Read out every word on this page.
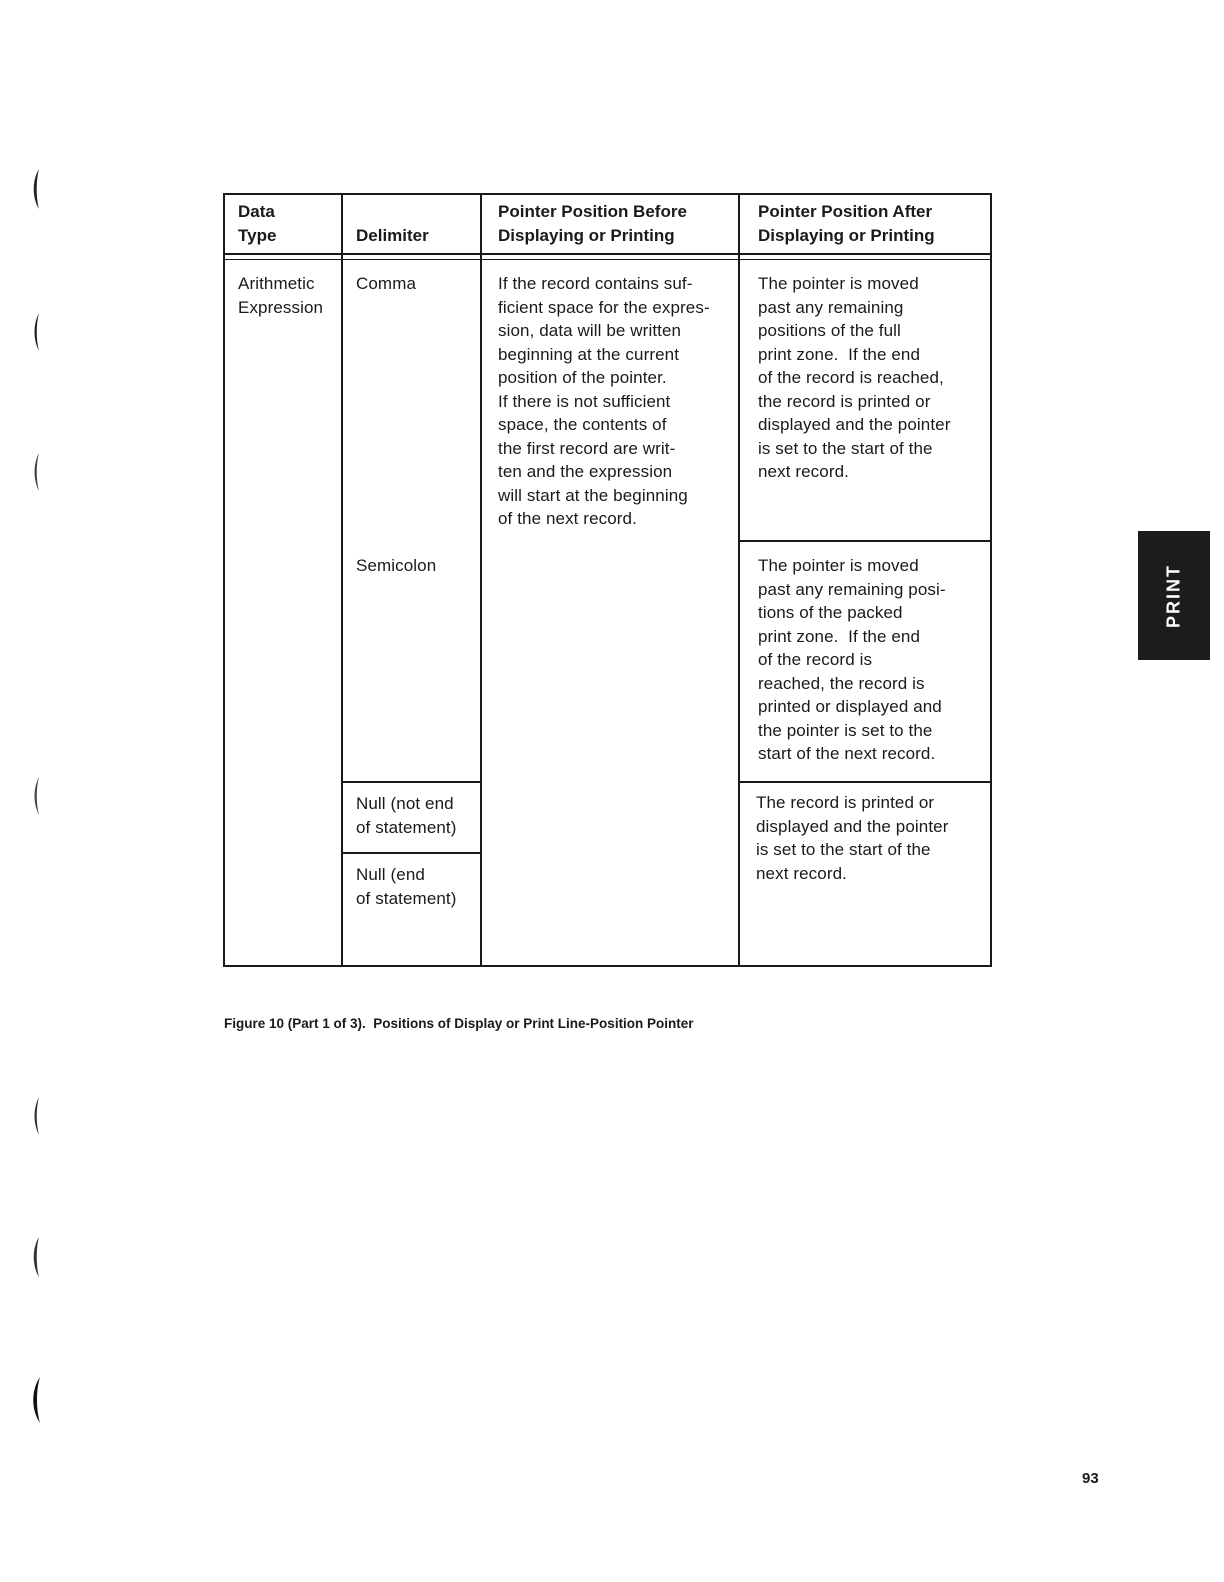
Data
Type	Delimiter
Pointer Position Before
Displaying or Printing
Pointer Position After
Displaying or Printing
Arithmetic
Expression
Comma
Semicolon
Null (not end
of statement)
Null (end
of statement)
If the record contains suf-
ficient space for the expres-
sion, data will be written
beginning at the current
position of the pointer.
If there is not sufficient
space, the contents of
the first record are writ-
ten and the expression
will start at the beginning
of the next record.
The pointer is moved
past any remaining
positions of the full
print zone.  If the end
of the record is reached,
the record is printed or
displayed and the pointer
is set to the start of the
next record.
The pointer is moved
past any remaining posi-
tions of the packed
print zone.  If the end
of the record is
reached, the record is
printed or displayed and
the pointer is set to the
start of the next record.
The record is printed or
displayed and the pointer
is set to the start of the
next record.
Figure 10 (Part 1 of 3).  Positions of Display or Print Line-Position Pointer
PRINT
93
